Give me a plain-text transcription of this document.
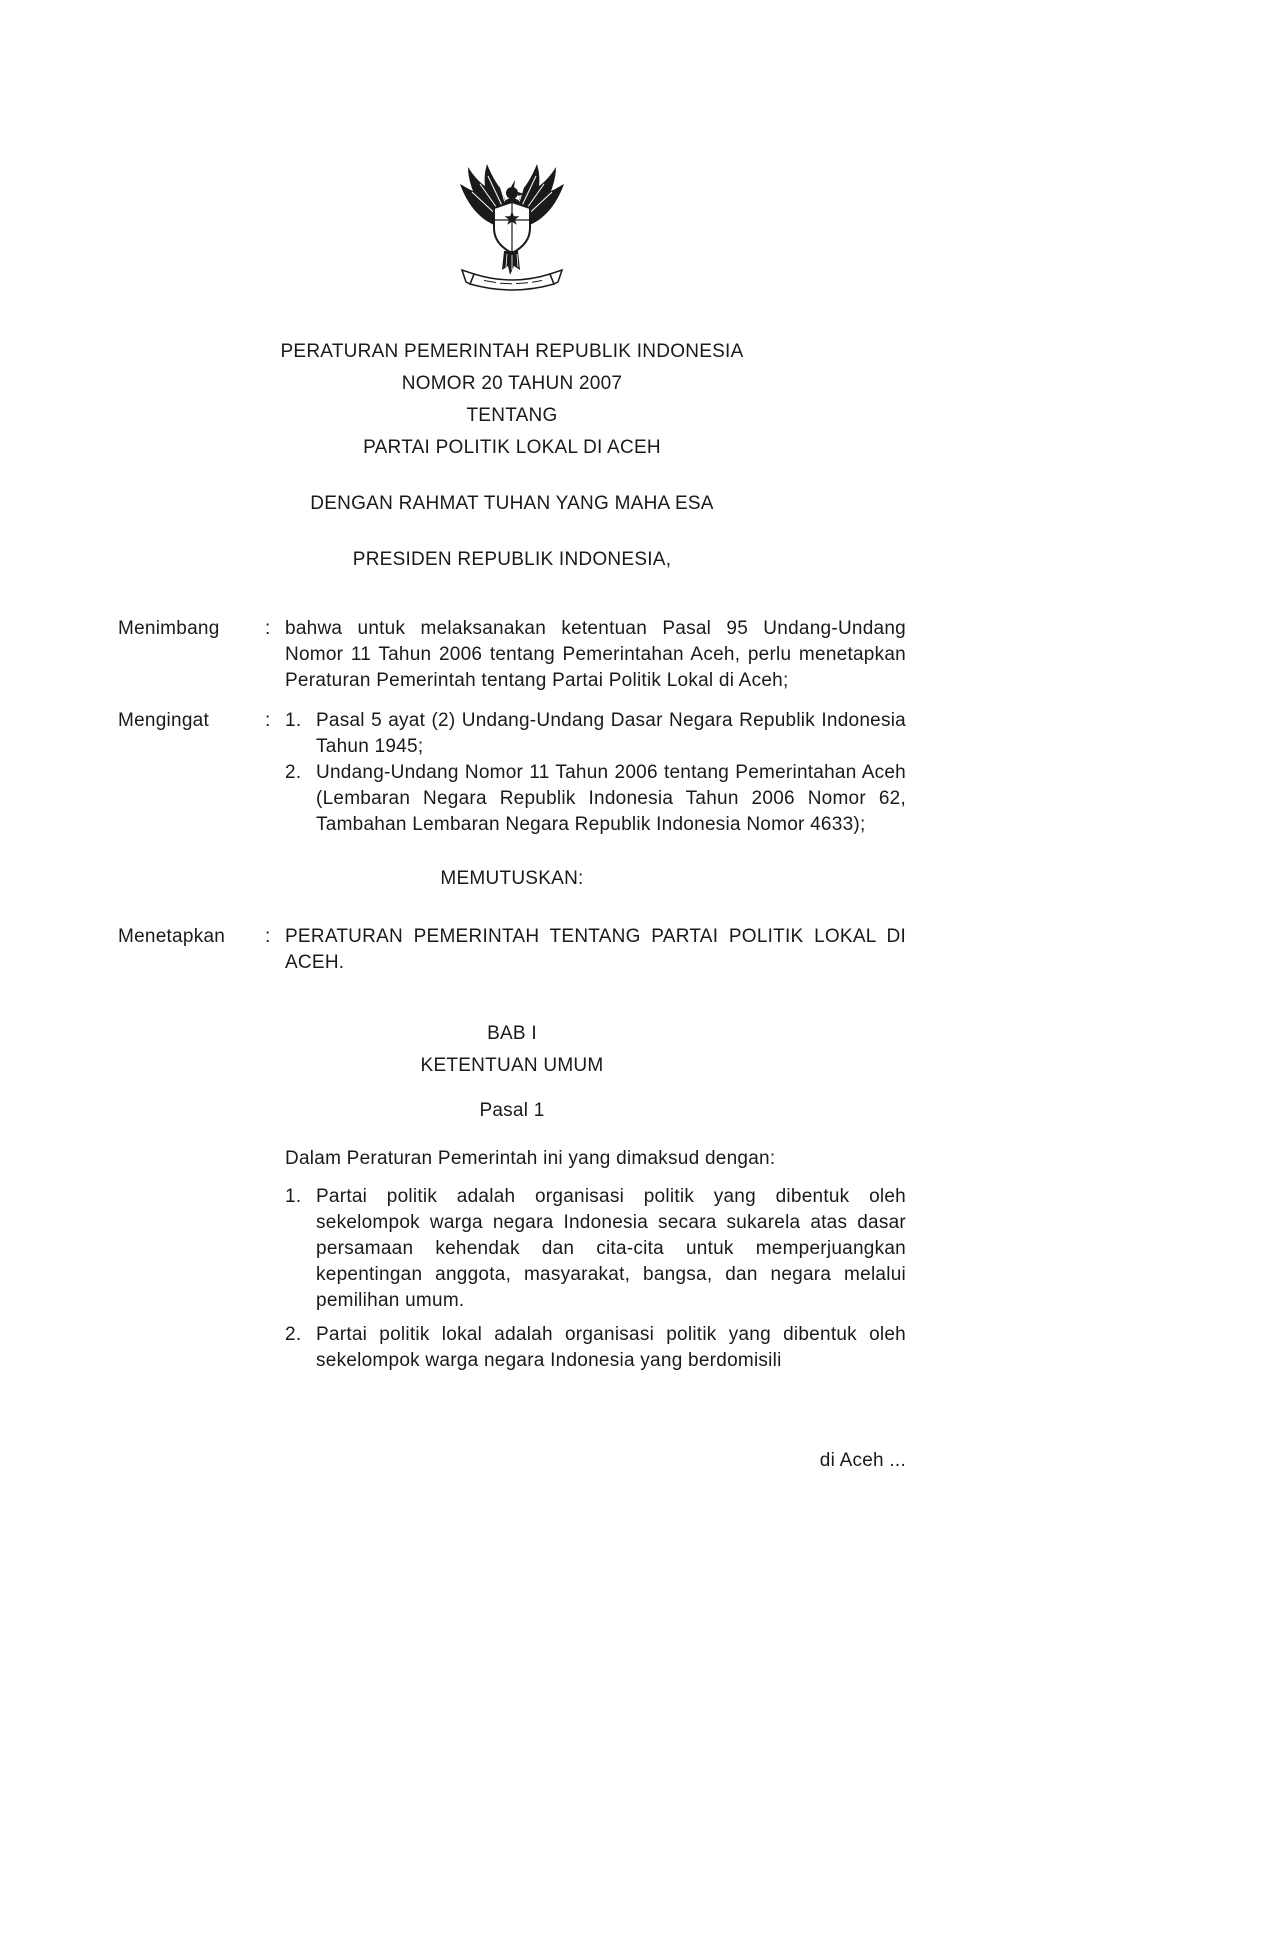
PERATURAN PEMERINTAH REPUBLIK INDONESIA
NOMOR 20 TAHUN 2007
TENTANG
PARTAI POLITIK LOKAL DI ACEH
DENGAN RAHMAT TUHAN YANG MAHA ESA
PRESIDEN REPUBLIK INDONESIA,
Menimbang	: bahwa untuk melaksanakan ketentuan Pasal 95 Undang-Undang Nomor 11 Tahun 2006 tentang Pemerintahan Aceh, perlu menetapkan Peraturan Pemerintah tentang Partai Politik Lokal di Aceh;
Mengingat	: 1. Pasal 5 ayat (2) Undang-Undang Dasar Negara Republik Indonesia Tahun 1945;
2. Undang-Undang Nomor 11 Tahun 2006 tentang Pemerintahan Aceh (Lembaran Negara Republik Indonesia Tahun 2006 Nomor 62, Tambahan Lembaran Negara Republik Indonesia Nomor 4633);
MEMUTUSKAN:
Menetapkan	: PERATURAN PEMERINTAH TENTANG PARTAI POLITIK LOKAL DI ACEH.
BAB I
KETENTUAN UMUM
Pasal 1
Dalam Peraturan Pemerintah ini yang dimaksud dengan:
1. Partai politik adalah organisasi politik yang dibentuk oleh sekelompok warga negara Indonesia secara sukarela atas dasar persamaan kehendak dan cita-cita untuk memperjuangkan kepentingan anggota, masyarakat, bangsa, dan negara melalui pemilihan umum.
2. Partai politik lokal adalah organisasi politik yang dibentuk oleh sekelompok warga negara Indonesia yang berdomisili
di Aceh ...
